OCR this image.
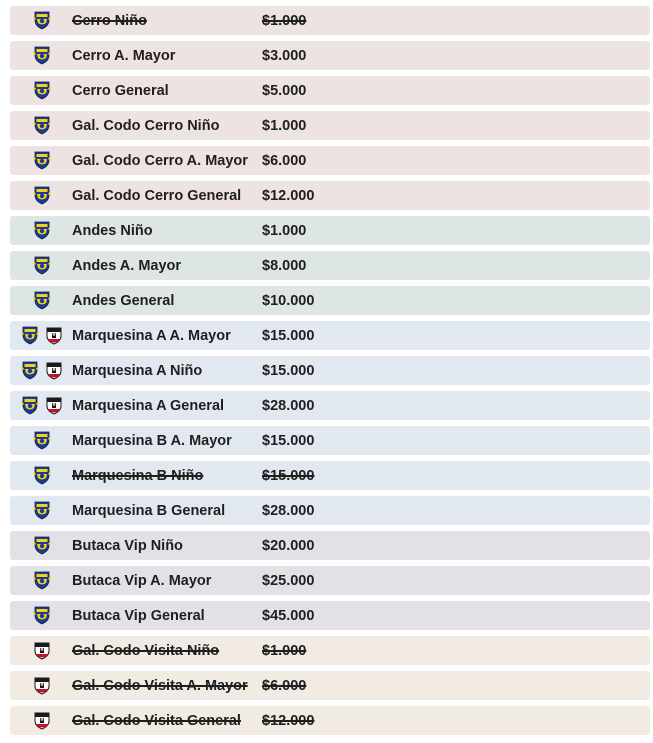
Cerro Niño	$1.000
Cerro A. Mayor	$3.000
Cerro General	$5.000
Gal. Codo Cerro Niño	$1.000
Gal. Codo Cerro A. Mayor $6.000
Gal. Codo Cerro General	$12.000
Andes Niño	$1.000
Andes A. Mayor	$8.000
Andes General	$10.000
Marquesina A A. Mayor	$15.000
Marquesina A Niño	$15.000
Marquesina A General	$28.000
Marquesina B A. Mayor	$15.000
Marquesina B Niño	$15.000
Marquesina B General	$28.000
Butaca Vip Niño	$20.000
Butaca Vip A. Mayor	$25.000
Butaca Vip General	$45.000
Gal. Codo Visita Niño	$1.000
Gal. Codo Visita A. Mayor $6.000
Gal. Codo Visita General	$12.000
